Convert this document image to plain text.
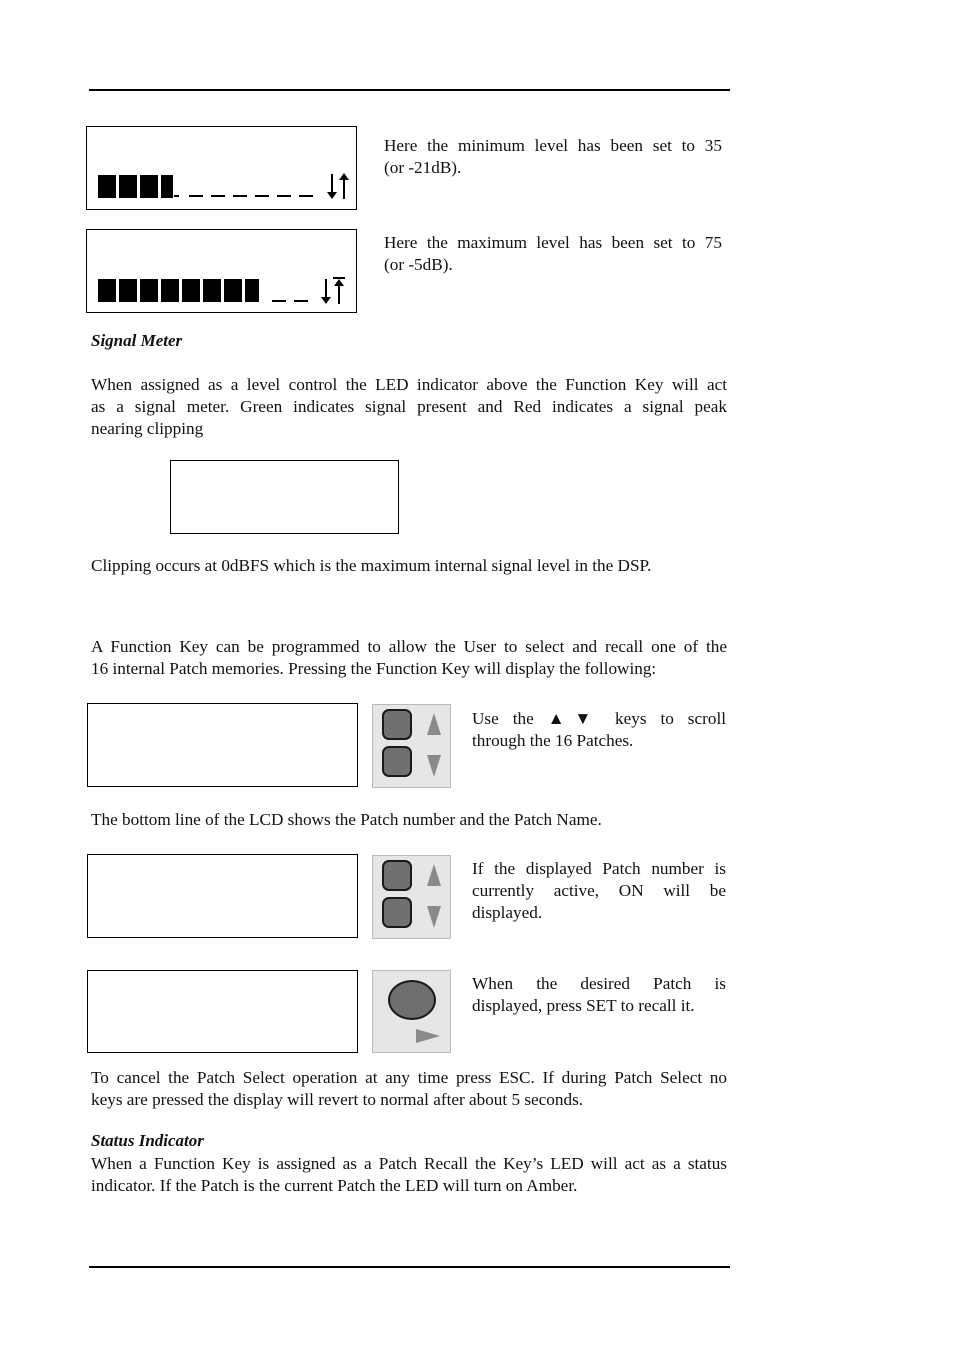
Here the minimum level has been set to 35
(or -21dB).
Here the maximum level has been set to 75
(or -5dB).
Signal Meter
When assigned as a level control the LED indicator above the Function Key will act
as a signal meter. Green indicates signal present and Red indicates a signal peak
nearing clipping
Clipping occurs at 0dBFS which is the maximum internal signal level in the DSP.
A Function Key can be programmed to allow the User to select and recall one of the
16 internal Patch memories. Pressing the Function Key will display the following:
Use the ▲▼ keys to scroll
through the 16 Patches.
The bottom line of the LCD shows the Patch number and the Patch Name.
If the displayed Patch number is
currently active, ON will be
displayed.
When the desired Patch is
displayed, press SET to recall it.
To cancel the Patch Select operation at any time press ESC. If during Patch Select no
keys are pressed the display will revert to normal after about 5 seconds.
Status Indicator
When a Function Key is assigned as a Patch Recall the Key’s LED will act as a status
indicator. If the Patch is the current Patch the LED will turn on Amber.
